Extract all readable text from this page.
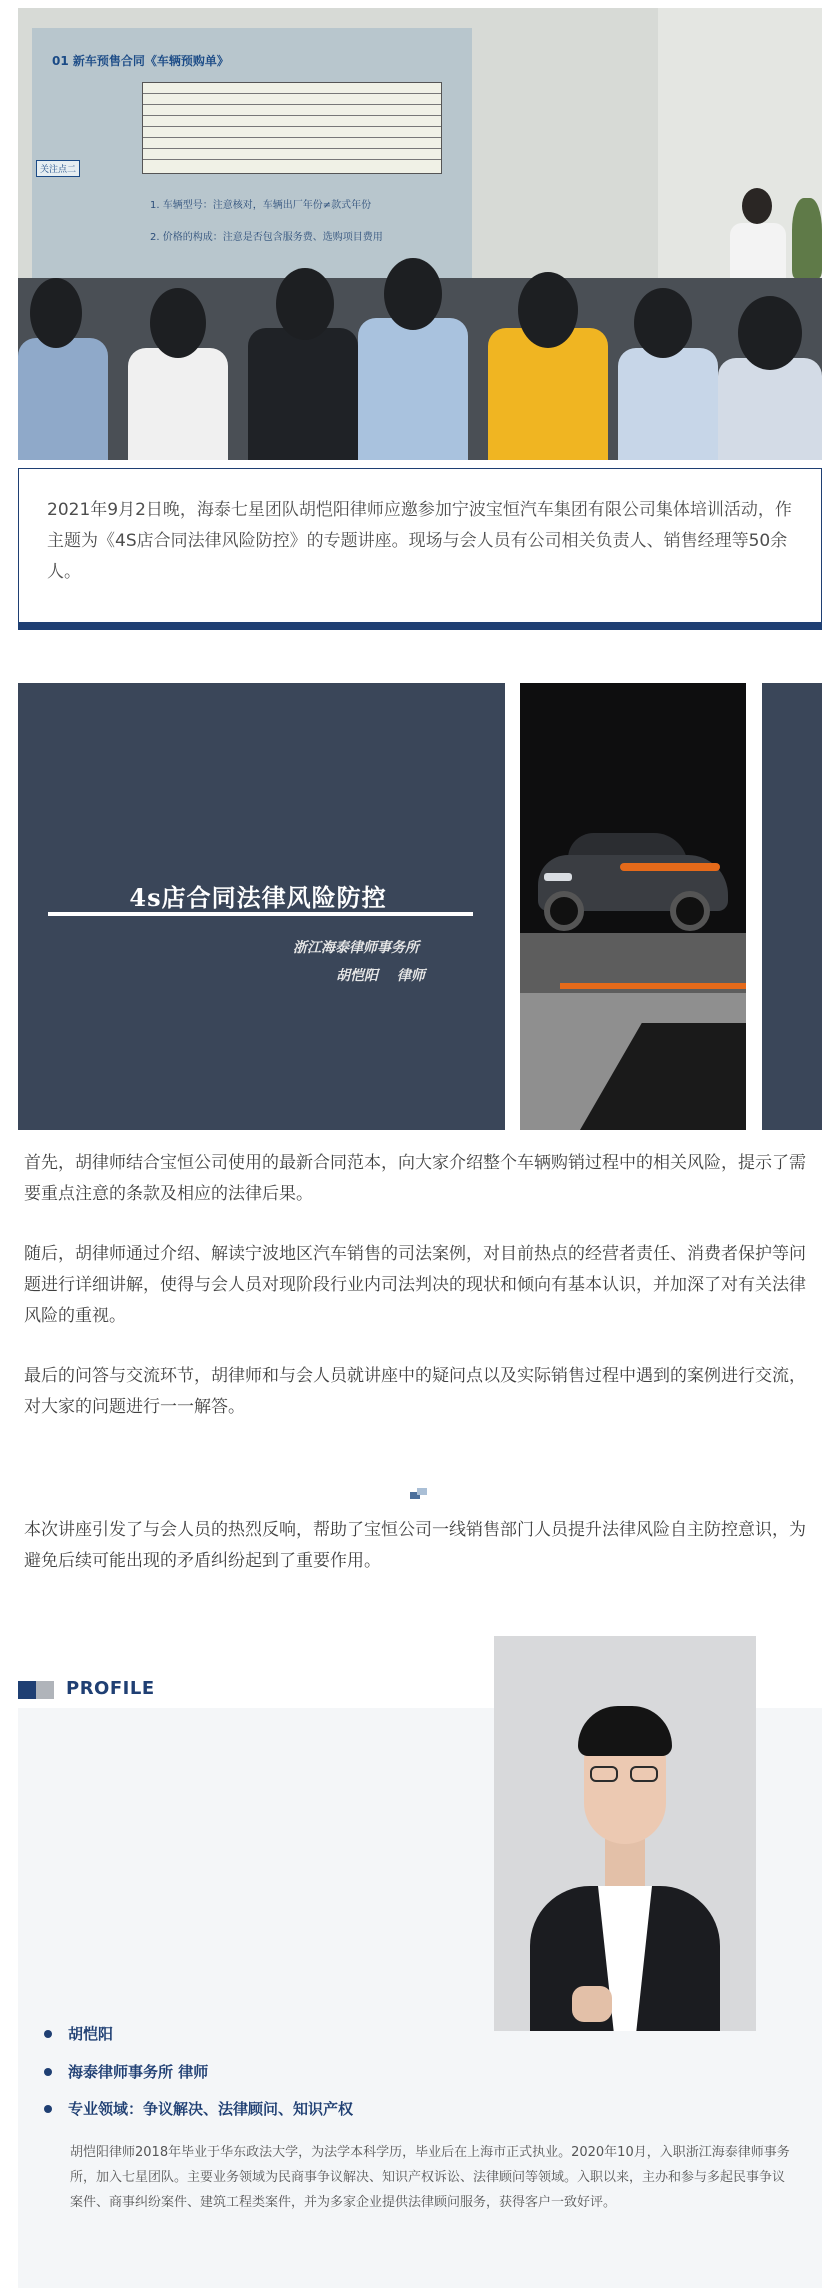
01 新车预售合同《车辆预购单》
关注点二
1. 车辆型号：注意核对，车辆出厂年份≠款式年份
2. 价格的构成：注意是否包含服务费、选购项目费用

2021年9月2日晚，海泰七星团队胡恺阳律师应邀参加宁波宝恒汽车集团有限公司集体培训活动，作主题为《4S店合同法律风险防控》的专题讲座。现场与会人员有公司相关负责人、销售经理等50余人。

4s店合同法律风险防控
浙江海泰律师事务所
胡恺阳 律师

首先，胡律师结合宝恒公司使用的最新合同范本，向大家介绍整个车辆购销过程中的相关风险，提示了需要重点注意的条款及相应的法律后果。

随后，胡律师通过介绍、解读宁波地区汽车销售的司法案例，对目前热点的经营者责任、消费者保护等问题进行详细讲解，使得与会人员对现阶段行业内司法判决的现状和倾向有基本认识，并加深了对有关法律风险的重视。

最后的问答与交流环节，胡律师和与会人员就讲座中的疑问点以及实际销售过程中遇到的案例进行交流，对大家的问题进行一一解答。

本次讲座引发了与会人员的热烈反响，帮助了宝恒公司一线销售部门人员提升法律风险自主防控意识，为避免后续可能出现的矛盾纠纷起到了重要作用。

PROFILE
胡恺阳
海泰律师事务所 律师
专业领域：争议解决、法律顾问、知识产权

胡恺阳律师2018年毕业于华东政法大学，为法学本科学历，毕业后在上海市正式执业。2020年10月，入职浙江海泰律师事务所，加入七星团队。主要业务领域为民商事争议解决、知识产权诉讼、法律顾问等领域。入职以来，主办和参与多起民事争议案件、商事纠纷案件、建筑工程类案件，并为多家企业提供法律顾问服务，获得客户一致好评。
